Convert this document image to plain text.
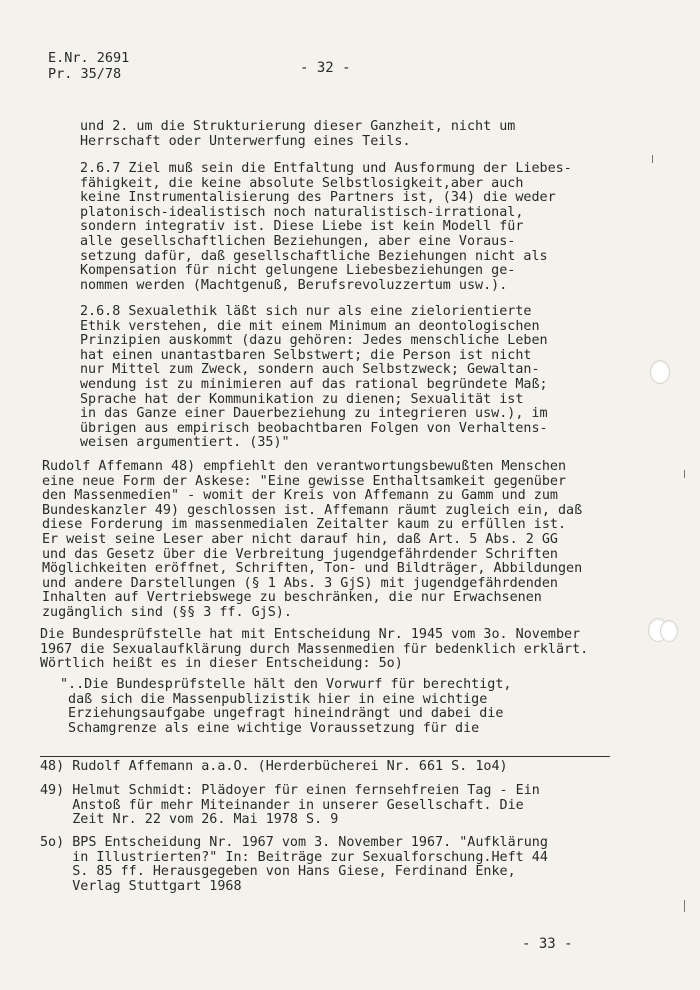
E.Nr. 2691
Pr. 35/78	- 32 -
und 2. um die Strukturierung dieser Ganzheit, nicht um
Herrschaft oder Unterwerfung eines Teils.
2.6.7 Ziel muß sein die Entfaltung und Ausformung der Liebes-
fähigkeit, die keine absolute Selbstlosigkeit,aber auch
keine Instrumentalisierung des Partners ist, (34) die weder
platonisch-idealistisch noch naturalistisch-irrational,
sondern integrativ ist. Diese Liebe ist kein Modell für
alle gesellschaftlichen Beziehungen, aber eine Voraus-
setzung dafür, daß gesellschaftliche Beziehungen nicht als
Kompensation für nicht gelungene Liebesbeziehungen ge-
nommen werden (Machtgenuß, Berufsrevoluzzertum usw.).
2.6.8 Sexualethik läßt sich nur als eine zielorientierte
Ethik verstehen, die mit einem Minimum an deontologischen
Prinzipien auskommt (dazu gehören: Jedes menschliche Leben
hat einen unantastbaren Selbstwert; die Person ist nicht
nur Mittel zum Zweck, sondern auch Selbstzweck; Gewaltan-
wendung ist zu minimieren auf das rational begründete Maß;
Sprache hat der Kommunikation zu dienen; Sexualität ist
in das Ganze einer Dauerbeziehung zu integrieren usw.), im
übrigen aus empirisch beobachtbaren Folgen von Verhaltens-
weisen argumentiert. (35)"
Rudolf Affemann 48) empfiehlt den verantwortungsbewußten Menschen
eine neue Form der Askese: "Eine gewisse Enthaltsamkeit gegenüber
den Massenmedien" - womit der Kreis von Affemann zu Gamm und zum
Bundeskanzler 49) geschlossen ist. Affemann räumt zugleich ein, daß
diese Forderung im massenmedialen Zeitalter kaum zu erfüllen ist.
Er weist seine Leser aber nicht darauf hin, daß Art. 5 Abs. 2 GG
und das Gesetz über die Verbreitung jugendgefährdender Schriften
Möglichkeiten eröffnet, Schriften, Ton- und Bildträger, Abbildungen
und andere Darstellungen (§ 1 Abs. 3 GjS) mit jugendgefährdenden
Inhalten auf Vertriebswege zu beschränken, die nur Erwachsenen
zugänglich sind (§§ 3 ff. GjS).
Die Bundesprüfstelle hat mit Entscheidung Nr. 1945 vom 3o. November
1967 die Sexualaufklärung durch Massenmedien für bedenklich erklärt.
Wörtlich heißt es in dieser Entscheidung: 5o)
"..Die Bundesprüfstelle hält den Vorwurf für berechtigt,
daß sich die Massenpublizistik hier in eine wichtige
Erziehungsaufgabe ungefragt hineindrängt und dabei die
Schamgrenze als eine wichtige Voraussetzung für die
48) Rudolf Affemann a.a.O. (Herderbücherei Nr. 661 S. 1o4)
49) Helmut Schmidt: Plädoyer für einen fernsehfreien Tag - Ein
Anstoß für mehr Miteinander in unserer Gesellschaft. Die
Zeit Nr. 22 vom 26. Mai 1978 S. 9
5o) BPS Entscheidung Nr. 1967 vom 3. November 1967. "Aufklärung
in Illustrierten?" In: Beiträge zur Sexualforschung.Heft 44
S. 85 ff. Herausgegeben von Hans Giese, Ferdinand Enke,
Verlag Stuttgart 1968
- 33 -
